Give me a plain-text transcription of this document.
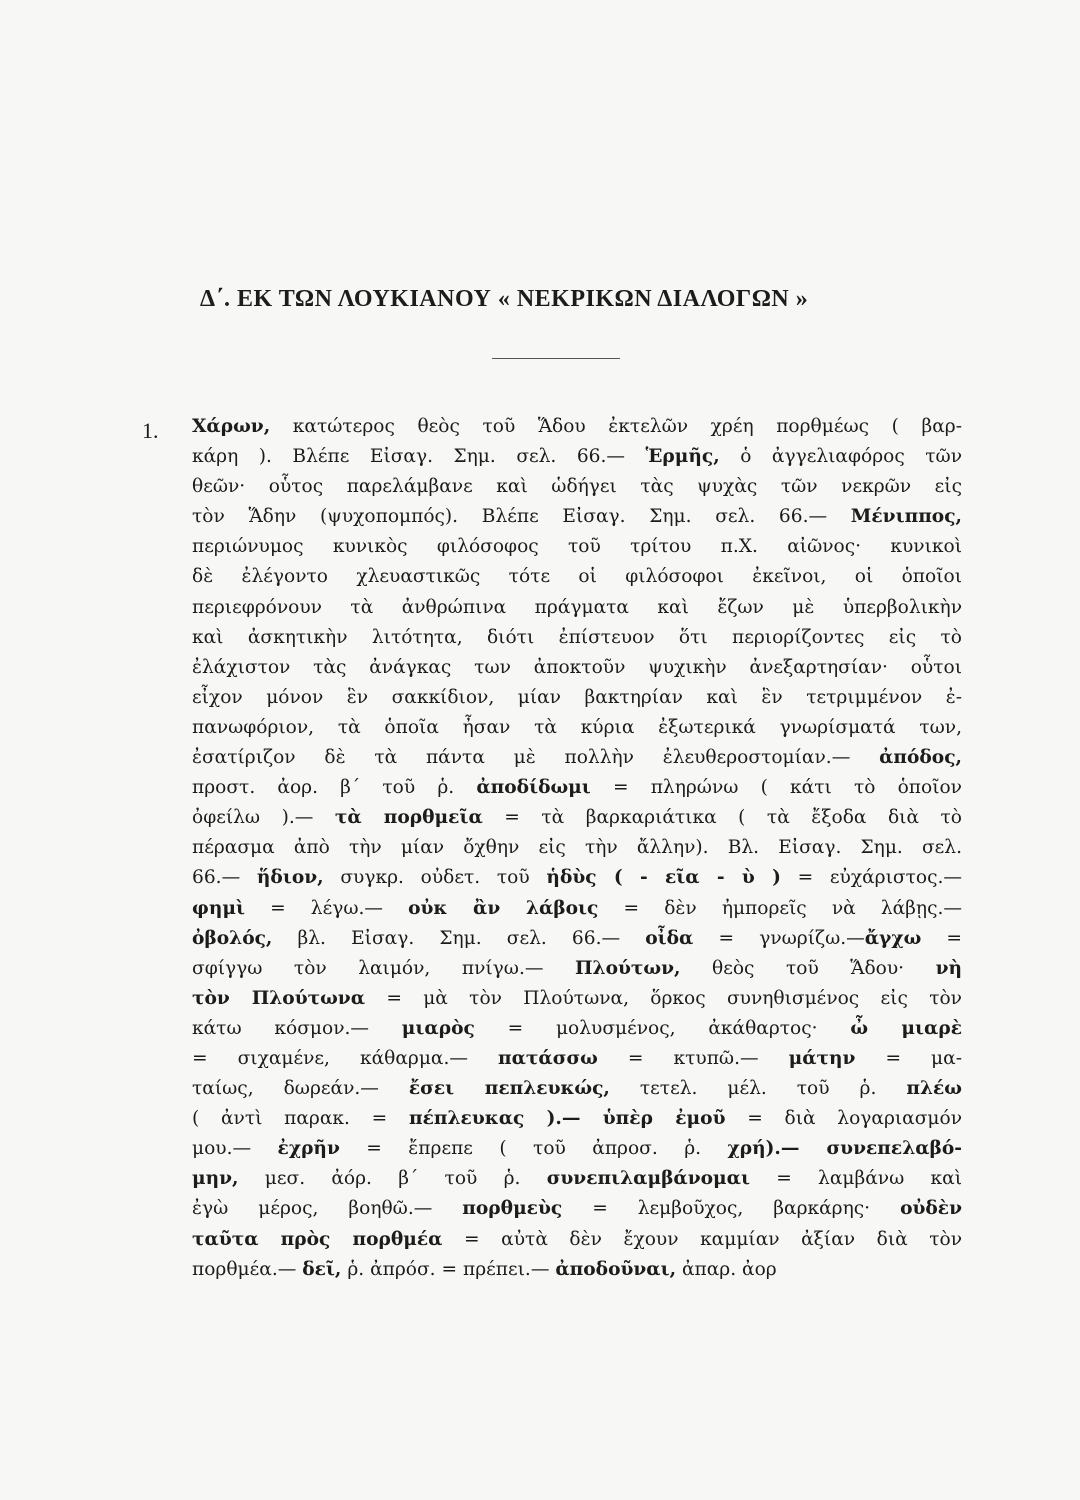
Δ΄. ΕΚ ΤΩΝ ΛΟΥΚΙΑΝΟΥ « ΝΕΚΡΙΚΩΝ ΔΙΑΛΟΓΩΝ »
1. Χάρων, κατώτερος θεὸς τοῦ Ἅδου ἐκτελῶν χρέη πορθμέως ( βαρ-
κάρη ). Βλέπε Εἰσαγ. Σημ. σελ. 66.— Ἑρμῆς, ὁ ἀγγελιαφόρος τῶν
θεῶν· οὗτος παρελάμβανε καὶ ὡδήγει τὰς ψυχὰς τῶν νεκρῶν εἰς
τὸν Ἅδην (ψυχοπομπός). Βλέπε Εἰσαγ. Σημ. σελ. 66.— Μένιππος,
περιώνυμος κυνικὸς φιλόσοφος τοῦ τρίτου π.Χ. αἰῶνος· κυνικοὶ
δὲ ἐλέγοντο χλευαστικῶς τότε οἱ φιλόσοφοι ἐκεῖνοι, οἱ ὁποῖοι
περιεφρόνουν τὰ ἀνθρώπινα πράγματα καὶ ἔζων μὲ ὑπερβολικὴν
καὶ ἀσκητικὴν λιτότητα, διότι ἐπίστευον ὅτι περιορίζοντες εἰς τὸ
ἐλάχιστον τὰς ἀνάγκας των ἀποκτοῦν ψυχικὴν ἀνεξαρτησίαν· οὗτοι
εἶχον μόνον ἓν σακκίδιον, μίαν βακτηρίαν καὶ ἓν τετριμμένον ἐ-
πανωφόριον, τὰ ὁποῖα ἦσαν τὰ κύρια ἐξωτερικά γνωρίσματά των,
ἐσατίριζον δὲ τὰ πάντα μὲ πολλὴν ἐλευθεροστομίαν.— ἀπόδος,
προστ. ἀορ. β΄ τοῦ ῥ. ἀποδίδωμι = πληρώνω ( κάτι τὸ ὁποῖον
ὀφείλω ).— τὰ πορθμεῖα = τὰ βαρκαριάτικα ( τὰ ἔξοδα διὰ τὸ
πέρασμα ἀπὸ τὴν μίαν ὄχθην εἰς τὴν ἄλλην). Βλ. Εἰσαγ. Σημ. σελ.
66.— ἥδιον, συγκρ. οὐδετ. τοῦ ἡδὺς ( - εῖα - ὺ ) = εὐχάριστος.—
φημὶ = λέγω.— οὐκ ἂν λάβοις = δὲν ἠμπορεῖς νὰ λάβῃς.—
ὀβολός, βλ. Εἰσαγ. Σημ. σελ. 66.— οἶδα = γνωρίζω.—ἄγχω =
σφίγγω τὸν λαιμόν, πνίγω.— Πλούτων, θεὸς τοῦ Ἅδου· νὴ
τὸν Πλούτωνα = μὰ τὸν Πλούτωνα, ὅρκος συνηθισμένος εἰς τὸν
κάτω κόσμον.— μιαρὸς = μολυσμένος, ἀκάθαρτος· ὦ μιαρὲ
= σιχαμένε, κάθαρμα.— πατάσσω = κτυπῶ.— μάτην = μα-
ταίως, δωρεάν.— ἔσει πεπλευκώς, τετελ. μέλ. τοῦ ῥ. πλέω
( ἀντὶ παρακ. = πέπλευκας ).— ὑπὲρ ἐμοῦ = διὰ λογαριασμόν
μου.— ἐχρῆν = ἔπρεπε ( τοῦ ἀπροσ. ῥ. χρή).— συνεπελαβό-
μην, μεσ. ἀόρ. β΄ τοῦ ῥ. συνεπιλαμβάνομαι = λαμβάνω καὶ
ἐγὼ μέρος, βοηθῶ.— πορθμεὺς = λεμβοῦχος, βαρκάρης· οὐδὲν
ταῦτα πρὸς πορθμέα = αὐτὰ δὲν ἔχουν καμμίαν ἀξίαν διὰ τὸν
πορθμέα.— δεῖ, ῥ. ἀπρόσ. = πρέπει.— ἀποδοῦναι, ἀπαρ. ἀορ
